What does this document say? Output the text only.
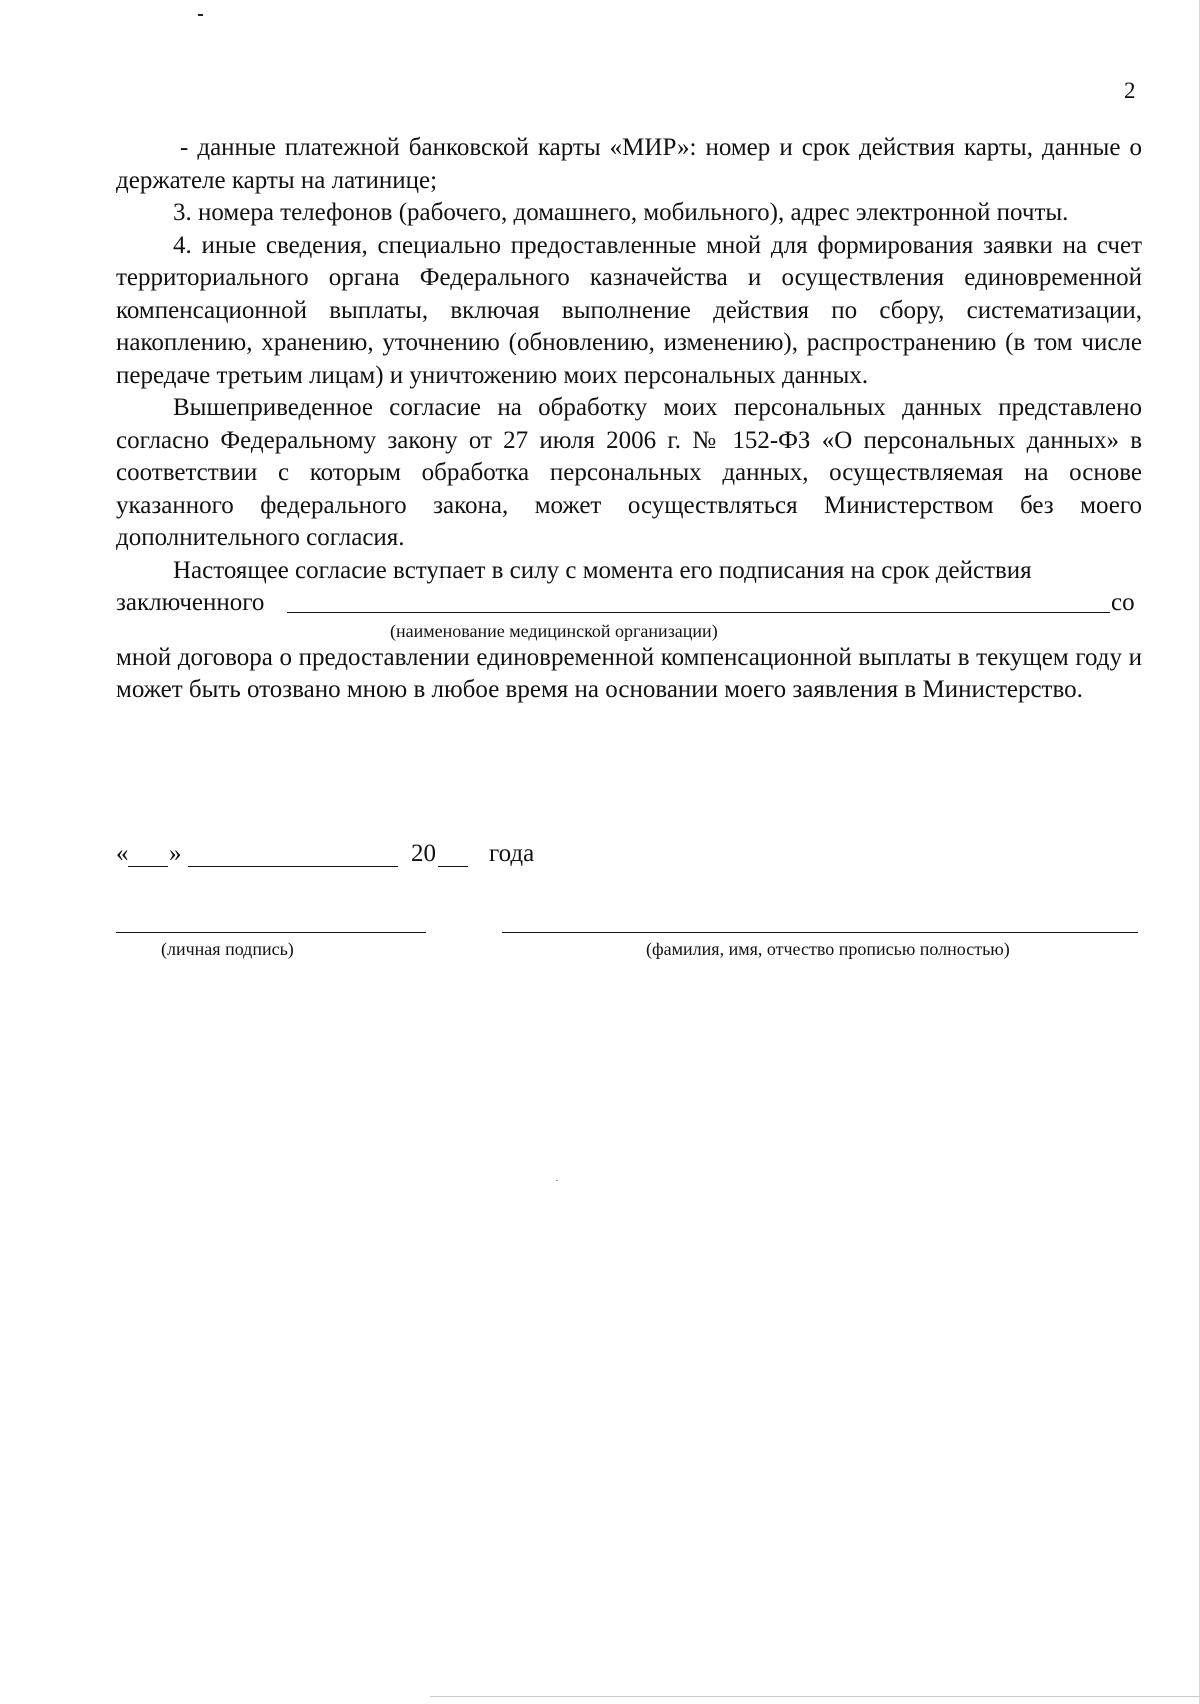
2

- данные платежной банковской карты «МИР»: номер и срок действия карты, данные о держателе карты на латинице;

3. номера телефонов (рабочего, домашнего, мобильного), адрес электронной почты.

4. иные сведения, специально предоставленные мной для формирования заявки на счет территориального органа Федерального казначейства и осуществления единовременной компенсационной выплаты, включая выполнение действия по сбору, систематизации, накоплению, хранению, уточнению (обновлению, изменению), распространению (в том числе передаче третьим лицам) и уничтожению моих персональных данных.

Вышеприведенное согласие на обработку моих персональных данных представлено согласно Федеральному закону от 27 июля 2006 г. № 152-ФЗ «О персональных данных» в соответствии с которым обработка персональных данных, осуществляемая на основе указанного федерального закона, может осуществляться Министерством без моего дополнительного согласия.

Настоящее согласие вступает в силу с момента его подписания на срок действия

заключенного	со

(наименование медицинской организации)

мной договора о предоставлении единовременной компенсационной выплаты в текущем году и может быть отозвано мною в любое время на основании моего заявления в Министерство.

« »	20 года
(личная подпись)	(фамилия, имя, отчество прописью полностью)
